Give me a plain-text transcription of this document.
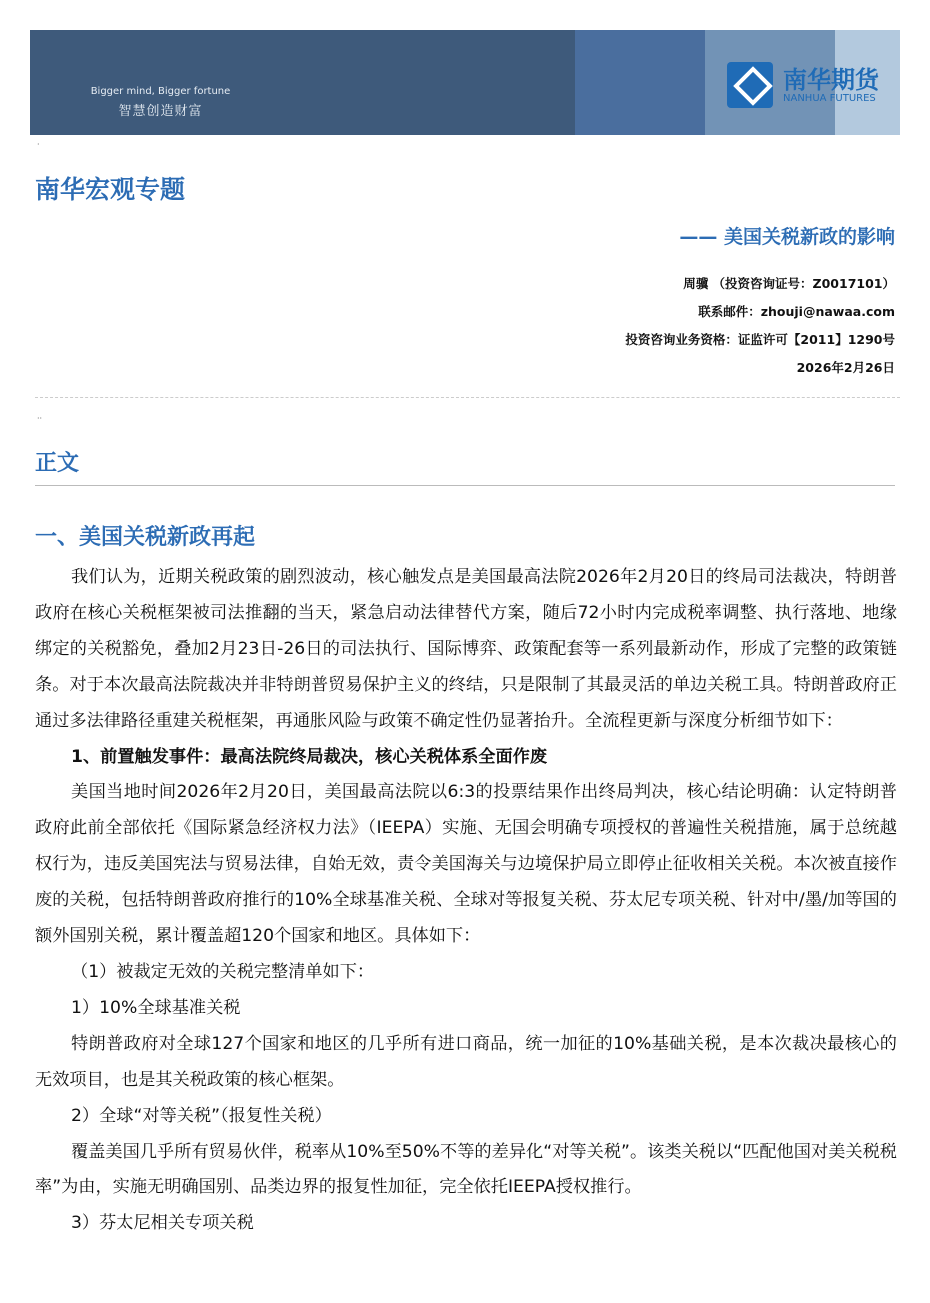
Bigger mind, Bigger fortune
智慧创造财富
南华期货
NANHUA FUTURES
·
南华宏观专题
—— 美国关税新政的影响
周骥 （投资咨询证号：Z0017101）
联系邮件：zhouji@nawaa.com
投资咨询业务资格：证监许可【2011】1290号
2026年2月26日
··
正文
一、美国关税新政再起

我们认为，近期关税政策的剧烈波动，核心触发点是美国最高法院2026年2月20日的终局司法裁决，特朗普政府在核心关税框架被司法推翻的当天，紧急启动法律替代方案，随后72小时内完成税率调整、执行落地、地缘绑定的关税豁免，叠加2月23日-26日的司法执行、国际博弈、政策配套等一系列最新动作，形成了完整的政策链条。对于本次最高法院裁决并非特朗普贸易保护主义的终结，只是限制了其最灵活的单边关税工具。特朗普政府正通过多法律路径重建关税框架，再通胀风险与政策不确定性仍显著抬升。全流程更新与深度分析细节如下：

1、前置触发事件：最高法院终局裁决，核心关税体系全面作废

美国当地时间2026年2月20日，美国最高法院以6:3的投票结果作出终局判决，核心结论明确：认定特朗普政府此前全部依托《国际紧急经济权力法》（IEEPA）实施、无国会明确专项授权的普遍性关税措施，属于总统越权行为，违反美国宪法与贸易法律，自始无效，责令美国海关与边境保护局立即停止征收相关关税。本次被直接作废的关税，包括特朗普政府推行的10%全球基准关税、全球对等报复关税、芬太尼专项关税、针对中/墨/加等国的额外国别关税，累计覆盖超120个国家和地区。具体如下：

（1）被裁定无效的关税完整清单如下：

1）10%全球基准关税

特朗普政府对全球127个国家和地区的几乎所有进口商品，统一加征的10%基础关税，是本次裁决最核心的无效项目，也是其关税政策的核心框架。

2）全球“对等关税”（报复性关税）

覆盖美国几乎所有贸易伙伴，税率从10%至50%不等的差异化“对等关税”。该类关税以“匹配他国对美关税税率”为由，实施无明确国别、品类边界的报复性加征，完全依托IEEPA授权推行。

3）芬太尼相关专项关税
